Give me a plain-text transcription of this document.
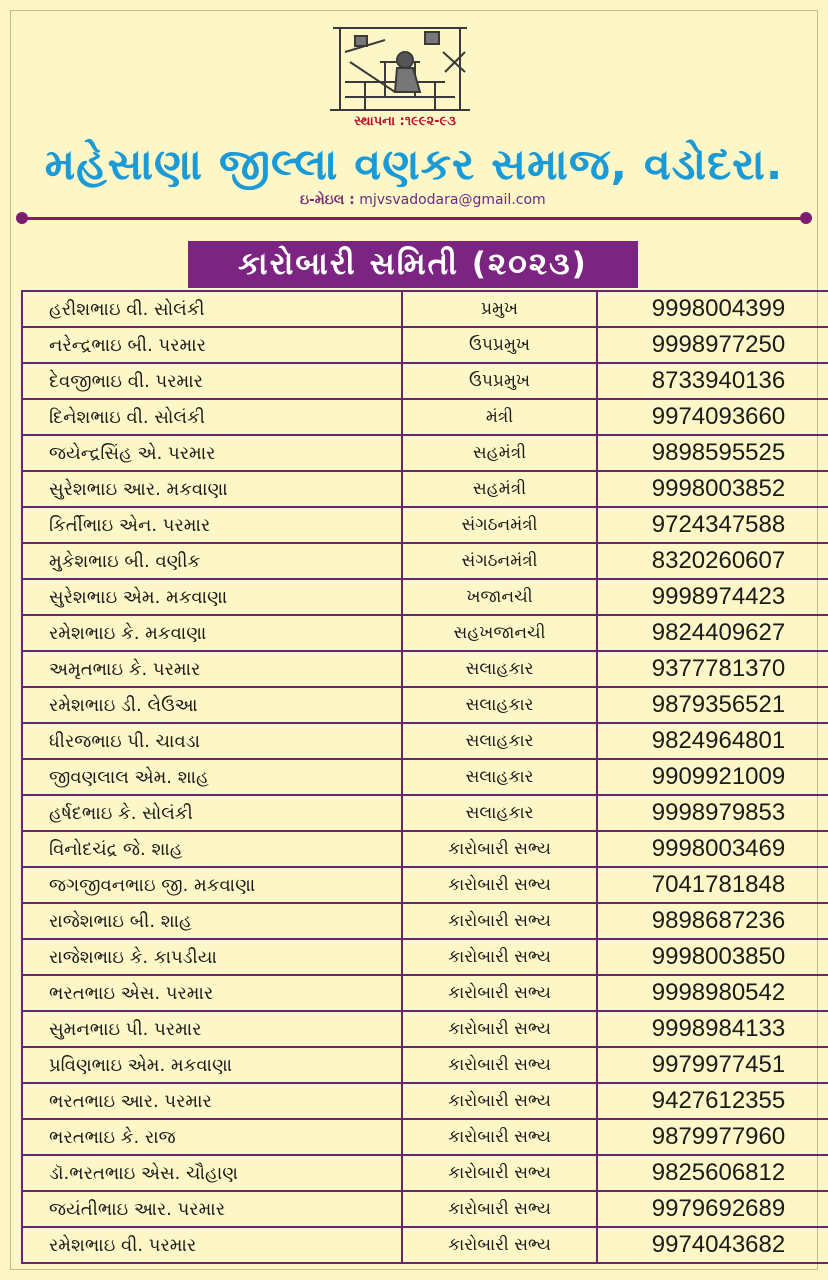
સ્થાપના :૧૯૯૨-૯૩
મહેસાણા જીલ્લા વણકર સમાજ, વડોદરા.
ઇ-મેઇલ : mjvsvadodara@gmail.com
કારોબારી સમિતી (૨૦૨૩)
હરીશભાઇ વી. સોલંકી	પ્રમુખ	9998004399
નરેન્દ્રભાઇ બી. પરમાર	ઉપપ્રમુખ	9998977250
દેવજીભાઇ વી. પરમાર	ઉપપ્રમુખ	8733940136
દિનેશભાઇ વી. સોલંકી	મંત્રી	9974093660
જયેન્દ્રસિંહ એ. પરમાર	સહમંત્રી	9898595525
સુરેશભાઇ આર. મકવાણા	સહમંત્રી	9998003852
કિર્તીભાઇ એન. પરમાર	સંગઠનમંત્રી	9724347588
મુકેશભાઇ બી. વણીક	સંગઠનમંત્રી	8320260607
સુરેશભાઇ એમ. મકવાણા	ખજાનચી	9998974423
રમેશભાઇ કે. મકવાણા	સહખજાનચી	9824409627
અમૃતભાઇ કે. પરમાર	સલાહકાર	9377781370
રમેશભાઇ ડી. લેઉઆ	સલાહકાર	9879356521
ધીરજભાઇ પી. ચાવડા	સલાહકાર	9824964801
જીવણલાલ એમ. શાહ	સલાહકાર	9909921009
હર્ષદભાઇ કે. સોલંકી	સલાહકાર	9998979853
વિનોદચંદ્ર જે. શાહ	કારોબારી સભ્ય	9998003469
જગજીવનભાઇ જી. મકવાણા	કારોબારી સભ્ય	7041781848
રાજેશભાઇ બી. શાહ	કારોબારી સભ્ય	9898687236
રાજેશભાઇ કે. કાપડીયા	કારોબારી સભ્ય	9998003850
ભરતભાઇ એસ. પરમાર	કારોબારી સભ્ય	9998980542
સુમનભાઇ પી. પરમાર	કારોબારી સભ્ય	9998984133
પ્રવિણભાઇ એમ. મકવાણા	કારોબારી સભ્ય	9979977451
ભરતભાઇ આર. પરમાર	કારોબારી સભ્ય	9427612355
ભરતભાઇ કે. રાજ	કારોબારી સભ્ય	9879977960
ડૉ.ભરતભાઇ એસ. ચૌહાણ	કારોબારી સભ્ય	9825606812
જયંતીભાઇ આર. પરમાર	કારોબારી સભ્ય	9979692689
રમેશભાઇ વી. પરમાર	કારોબારી સભ્ય	9974043682
